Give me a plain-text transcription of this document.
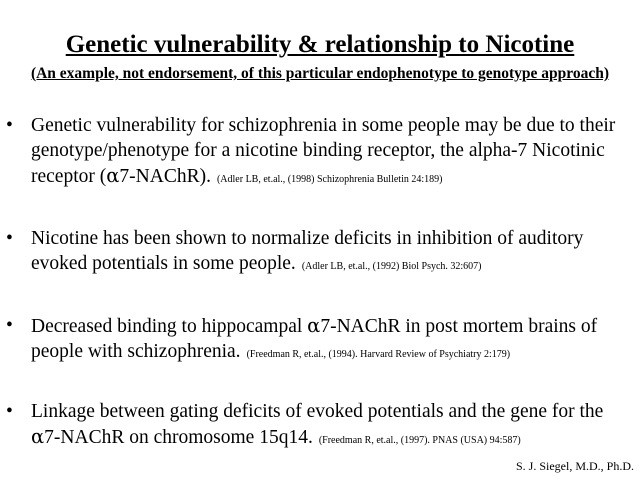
Genetic vulnerability & relationship to Nicotine
(An example, not endorsement, of this particular endophenotype to genotype approach)
• Genetic vulnerability for schizophrenia in some people may be due to their genotype/phenotype for a nicotine binding receptor, the alpha-7 Nicotinic receptor (α7-NAChR). (Adler LB, et.al., (1998) Schizophrenia Bulletin 24:189)
• Nicotine has been shown to normalize deficits in inhibition of auditory evoked potentials in some people. (Adler LB, et.al., (1992) Biol Psych. 32:607)
• Decreased binding to hippocampal α7-NAChR in post mortem brains of people with schizophrenia. (Freedman R, et.al., (1994). Harvard Review of Psychiatry 2:179)
• Linkage between gating deficits of evoked potentials and the gene for the α7-NAChR on chromosome 15q14. (Freedman R, et.al., (1997). PNAS (USA) 94:587)
S. J. Siegel, M.D., Ph.D.
